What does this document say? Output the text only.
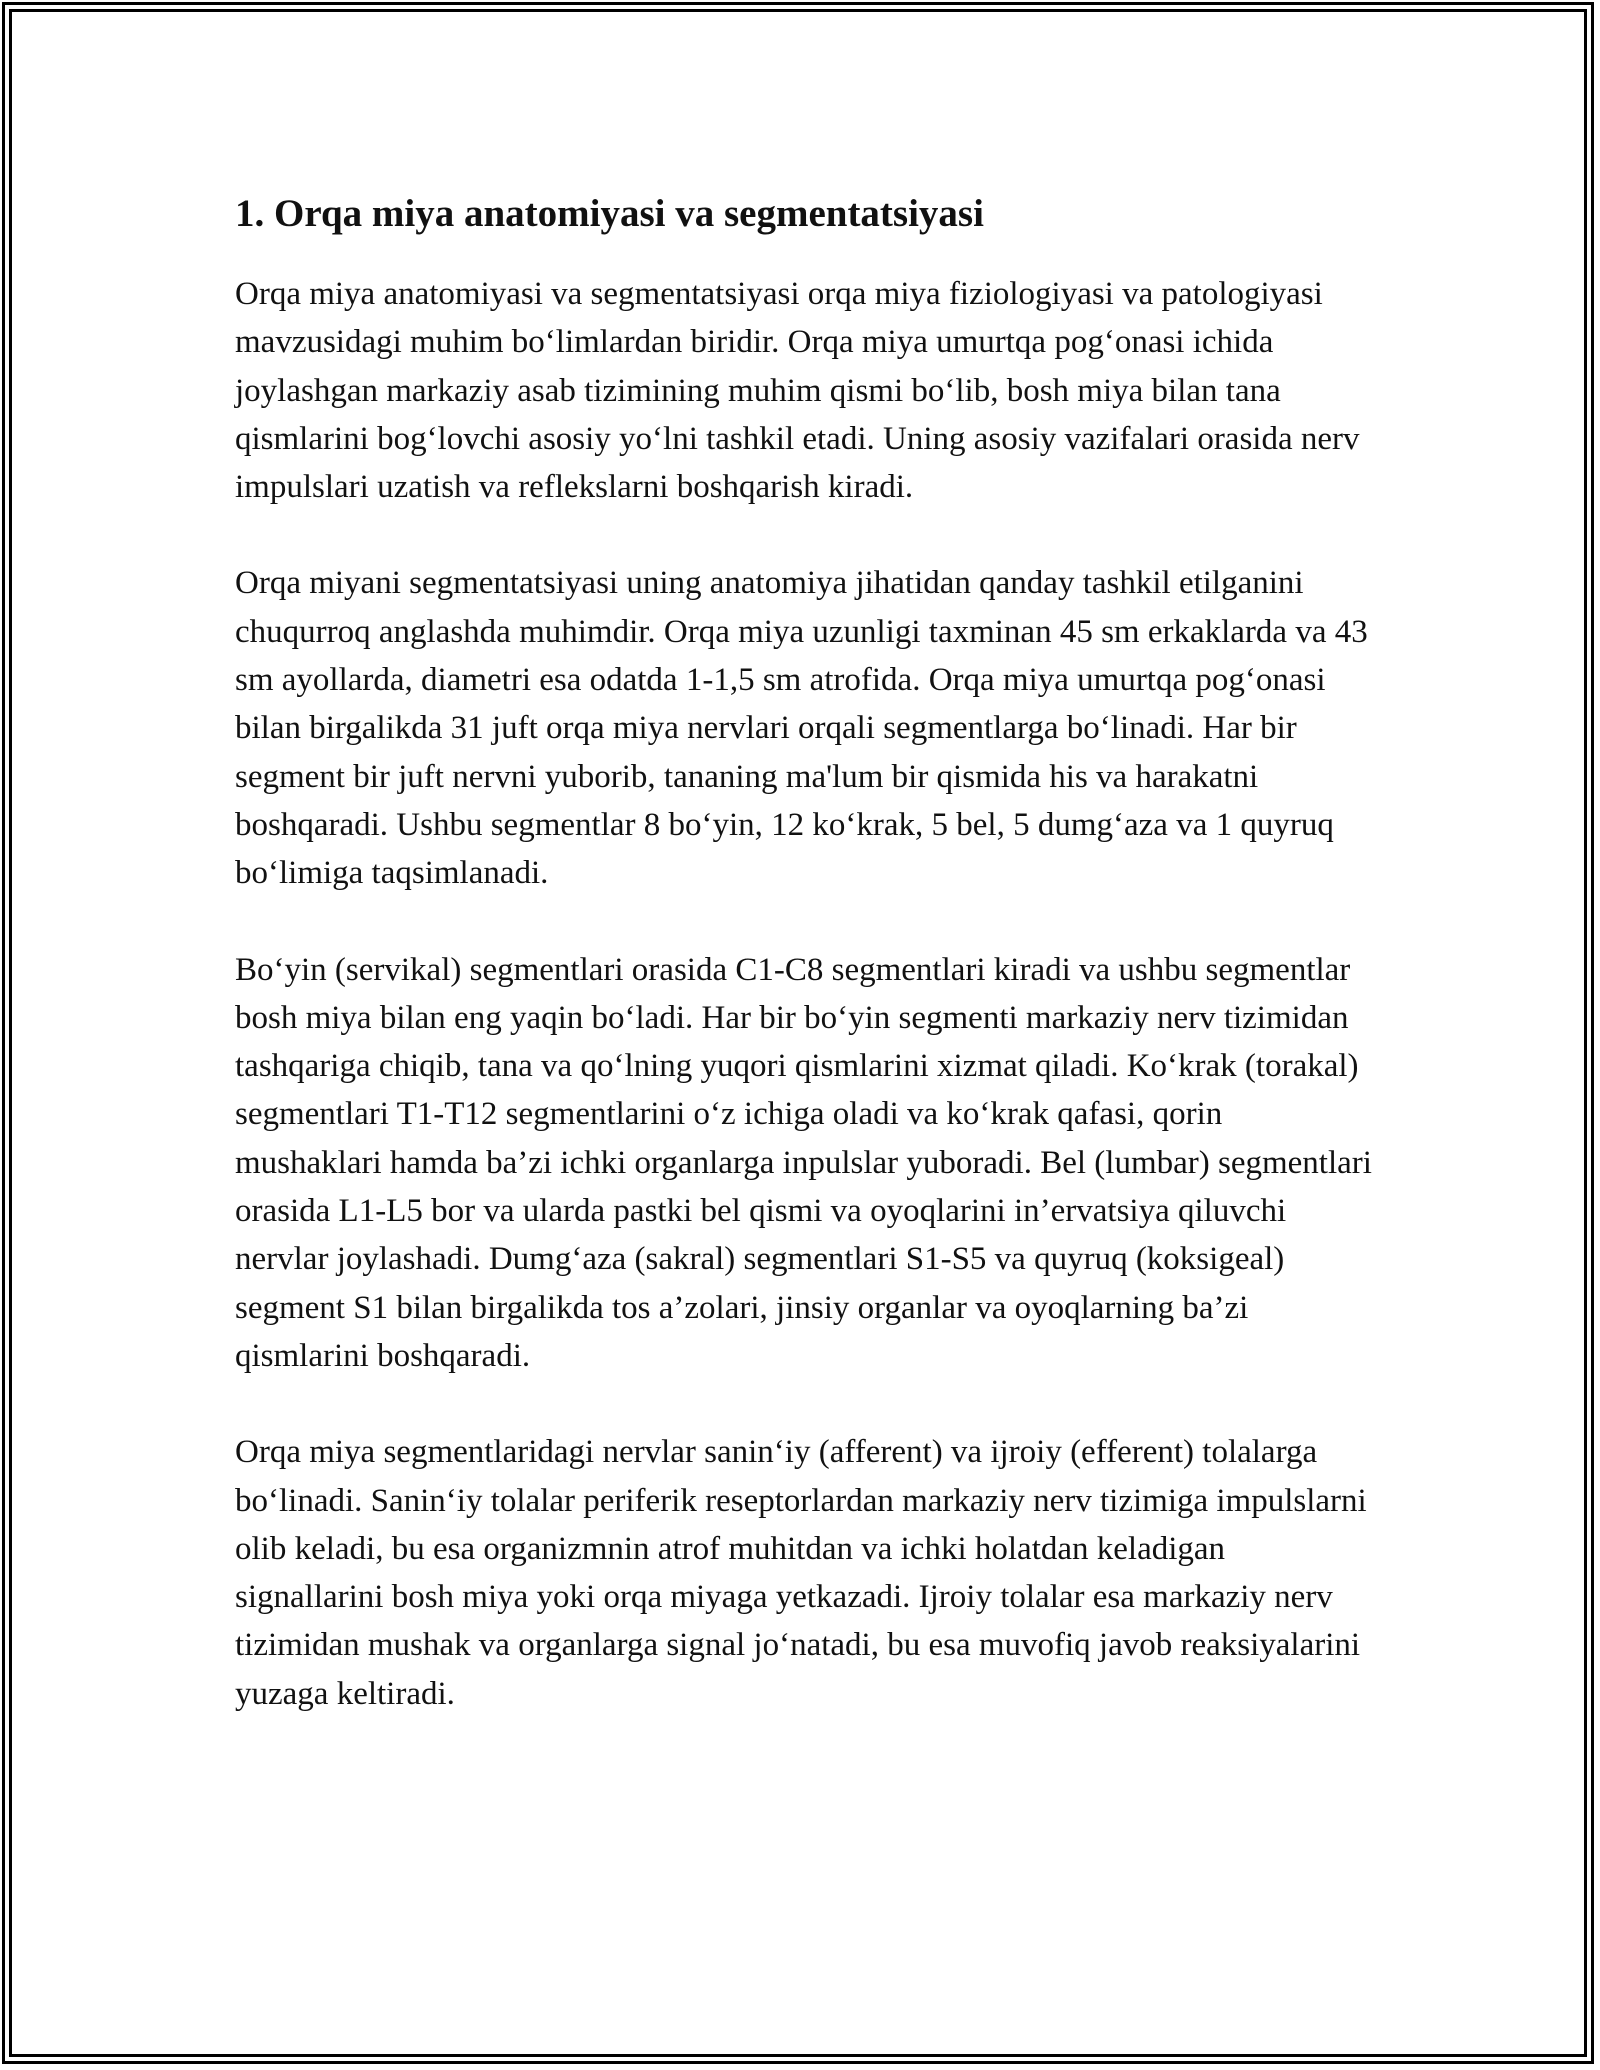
1. Orqa miya anatomiyasi va segmentatsiyasi

Orqa miya anatomiyasi va segmentatsiyasi orqa miya fiziologiyasi va patologiyasi mavzusidagi muhim bo‘limlardan biridir. Orqa miya umurtqa pog‘onasi ichida joylashgan markaziy asab tizimining muhim qismi bo‘lib, bosh miya bilan tana qismlarini bog‘lovchi asosiy yo‘lni tashkil etadi. Uning asosiy vazifalari orasida nerv impulslari uzatish va reflekslarni boshqarish kiradi.

Orqa miyani segmentatsiyasi uning anatomiya jihatidan qanday tashkil etilganini chuqurroq anglashda muhimdir. Orqa miya uzunligi taxminan 45 sm erkaklarda va 43 sm ayollarda, diametri esa odatda 1-1,5 sm atrofida. Orqa miya umurtqa pog‘onasi bilan birgalikda 31 juft orqa miya nervlari orqali segmentlarga bo‘linadi. Har bir segment bir juft nervni yuborib, tananing ma'lum bir qismida his va harakatni boshqaradi. Ushbu segmentlar 8 bo‘yin, 12 ko‘krak, 5 bel, 5 dumg‘aza va 1 quyruq bo‘limiga taqsimlanadi.

Bo‘yin (servikal) segmentlari orasida C1-C8 segmentlari kiradi va ushbu segmentlar bosh miya bilan eng yaqin bo‘ladi. Har bir bo‘yin segmenti markaziy nerv tizimidan tashqariga chiqib, tana va qo‘lning yuqori qismlarini xizmat qiladi. Ko‘krak (torakal) segmentlari T1-T12 segmentlarini o‘z ichiga oladi va ko‘krak qafasi, qorin mushaklari hamda ba’zi ichki organlarga inpulslar yuboradi. Bel (lumbar) segmentlari orasida L1-L5 bor va ularda pastki bel qismi va oyoqlarini in’ervatsiya qiluvchi nervlar joylashadi. Dumg‘aza (sakral) segmentlari S1-S5 va quyruq (koksigeal) segment S1 bilan birgalikda tos a’zolari, jinsiy organlar va oyoqlarning ba’zi qismlarini boshqaradi.

Orqa miya segmentlaridagi nervlar sanin‘iy (afferent) va ijroiy (efferent) tolalarga bo‘linadi. Sanin‘iy tolalar periferik reseptorlardan markaziy nerv tizimiga impulslarni olib keladi, bu esa organizmnin atrof muhitdan va ichki holatdan keladigan signallarini bosh miya yoki orqa miyaga yetkazadi. Ijroiy tolalar esa markaziy nerv tizimidan mushak va organlarga signal jo‘natadi, bu esa muvofiq javob reaksiyalarini yuzaga keltiradi.
